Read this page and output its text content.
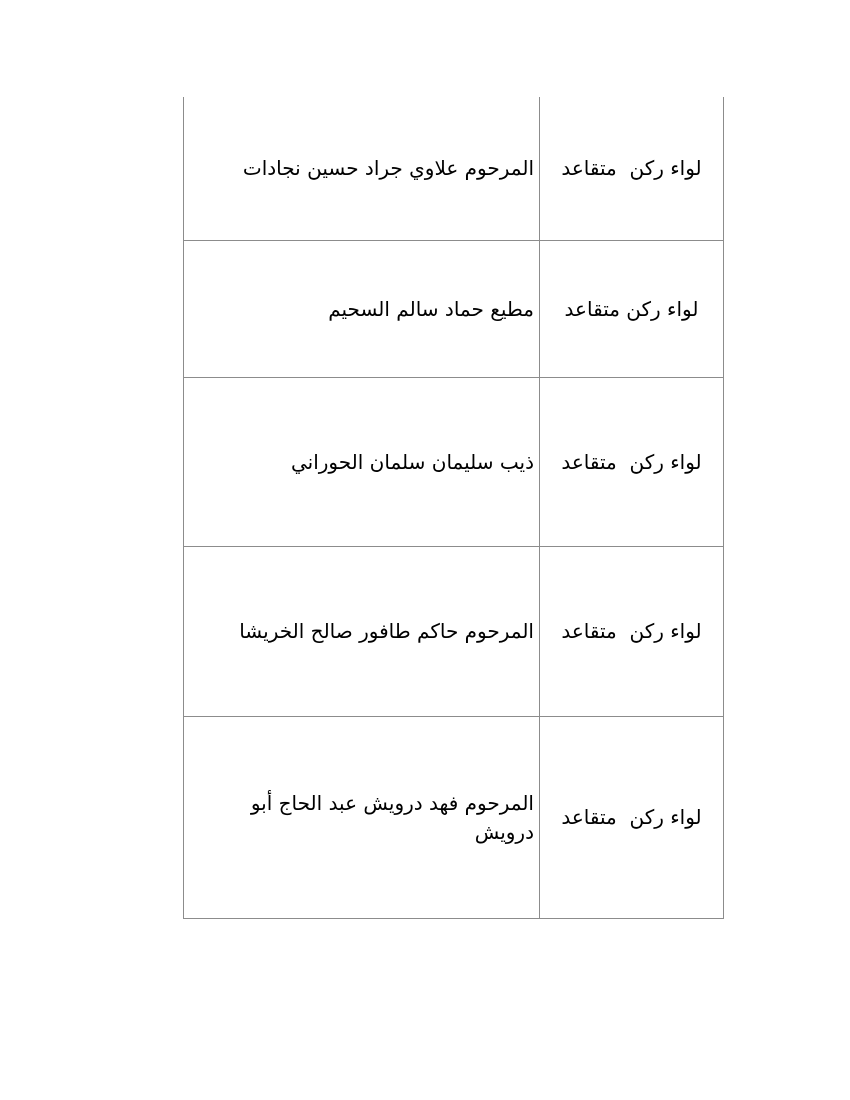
لواء ركن  متقاعد
المرحوم علاوي جراد حسين نجادات
لواء ركن متقاعد
مطيع حماد سالم السحيم
لواء ركن  متقاعد
ذيب سليمان سلمان الحوراني
لواء ركن  متقاعد
المرحوم حاكم طافور صالح الخريشا
لواء ركن  متقاعد
المرحوم فهد درويش عبد الحاج أبو درويش
